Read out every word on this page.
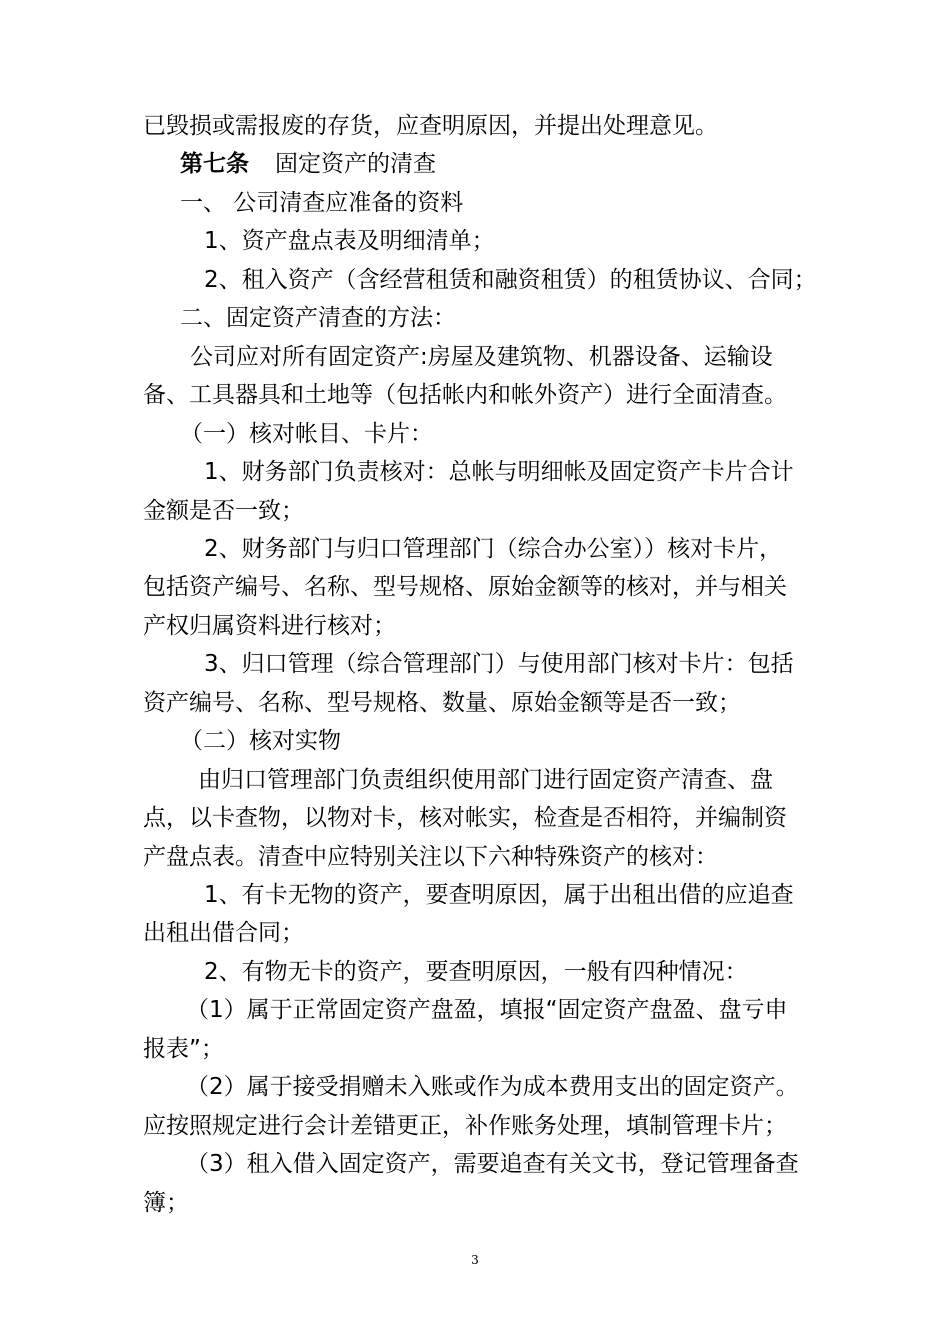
已毁损或需报废的存货，应查明原因，并提出处理意见。
第七条 固定资产的清查
一、 公司清查应准备的资料
1、资产盘点表及明细清单；
2、租入资产（含经营租赁和融资租赁）的租赁协议、合同；
二、固定资产清查的方法：
公司应对所有固定资产:房屋及建筑物、机器设备、运输设
备、工具器具和土地等（包括帐内和帐外资产）进行全面清查。
（一）核对帐目、卡片：
1、财务部门负责核对：总帐与明细帐及固定资产卡片合计
金额是否一致；
2、财务部门与归口管理部门（综合办公室））核对卡片，
包括资产编号、名称、型号规格、原始金额等的核对，并与相关
产权归属资料进行核对；
3、归口管理（综合管理部门）与使用部门核对卡片：包括
资产编号、名称、型号规格、数量、原始金额等是否一致；
（二）核对实物
由归口管理部门负责组织使用部门进行固定资产清查、盘
点，以卡查物，以物对卡，核对帐实，检查是否相符，并编制资
产盘点表。清查中应特别关注以下六种特殊资产的核对：
1、有卡无物的资产，要查明原因，属于出租出借的应追查
出租出借合同；
2、有物无卡的资产，要查明原因，一般有四种情况：
（1）属于正常固定资产盘盈，填报“固定资产盘盈、盘亏申
报表”；
（2）属于接受捐赠未入账或作为成本费用支出的固定资产。
应按照规定进行会计差错更正，补作账务处理，填制管理卡片；
（3）租入借入固定资产，需要追查有关文书，登记管理备查
簿；
3
